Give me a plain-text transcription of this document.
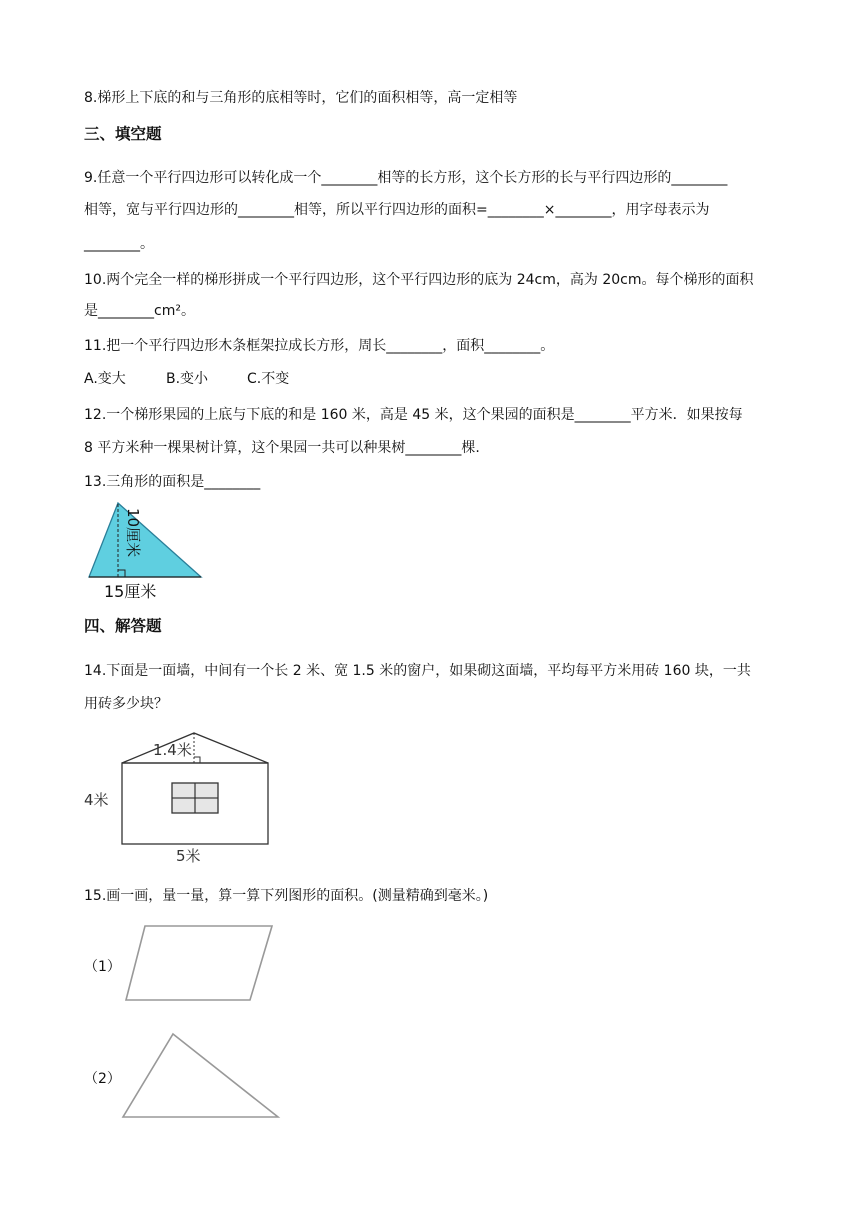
8.梯形上下底的和与三角形的底相等时，它们的面积相等，高一定相等
三、填空题
9.任意一个平行四边形可以转化成一个________相等的长方形，这个长方形的长与平行四边形的________
相等，宽与平行四边形的________相等，所以平行四边形的面积=________×________，用字母表示为
________。
10.两个完全一样的梯形拼成一个平行四边形，这个平行四边形的底为 24cm，高为 20cm。每个梯形的面积
是________cm²。
11.把一个平行四边形木条框架拉成长方形，周长________，面积________。
A.变大	B.变小	C.不变
12.一个梯形果园的上底与下底的和是 160 米，高是 45 米，这个果园的面积是________平方米．如果按每
8 平方米种一棵果树计算，这个果园一共可以种果树________棵.
13.三角形的面积是________
10厘米
15厘米
四、解答题
14.下面是一面墙，中间有一个长 2 米、宽 1.5 米的窗户，如果砌这面墙，平均每平方米用砖 160 块，一共
用砖多少块？
1.4米
4米
5米
15.画一画，量一量，算一算下列图形的面积。(测量精确到毫米。)
（1）
（2）
